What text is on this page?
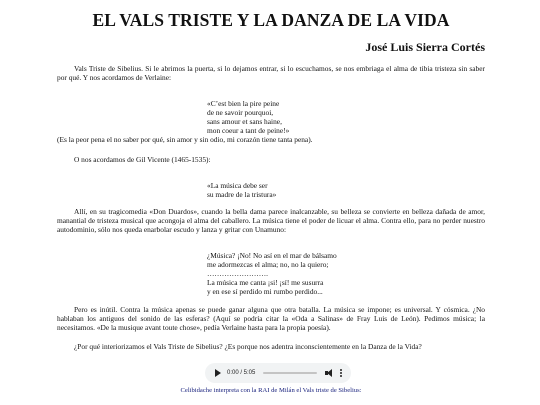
EL VALS TRISTE Y LA DANZA DE LA VIDA
José Luis Sierra Cortés
Vals Triste de Sibelius. Si le abrimos la puerta, si lo dejamos entrar, si lo escuchamos, se nos embriaga el alma de tibia tristeza sin saber por qué. Y nos acordamos de Verlaine:
«C’est bien la pire peine
de ne savoir pourquoi,
sans amour et sans haine,
mon coeur a tant de peine!»
(Es la peor pena el no saber por qué, sin amor y sin odio, mi corazón tiene tanta pena).
O nos acordamos de Gil Vicente (1465-1535):
«La música debe ser
su madre de la tristura»
Allí, en su tragicomedia «Don Duardos», cuando la bella dama parece inalcanzable, su belleza se convierte en belleza dañada de amor, manantial de tristeza musical que acongoja el alma del caballero. La música tiene el poder de licuar el alma. Contra ello, para no perder nuestro autodominio, sólo nos queda enarbolar escudo y lanza y gritar con Unamuno:
¿Música? ¡No! No así en el mar de bálsamo
me adormezcas el alma; no, no la quiero;
…………………….
La música me canta ¡si! ¡sí! me susurra
y en ese sí perdido mi rumbo perdido...
Pero es inútil. Contra la música apenas se puede ganar alguna que otra batalla. La música se impone; es universal. Y cósmica. ¿No hablaban los antiguos del sonido de las esferas? (Aquí se podría citar la «Oda a Salinas» de Fray Luis de León). Pedimos música; la necesitamos. «De la musique avant toute chose», pedía Verlaine hasta para la propia poesía).
¿Por qué interiorizamos el Vals Triste de Sibelius? ¿Es porque nos adentra inconscientemente en la Danza de la Vida?
0:00 / 5:05
Celibidache interpreta con la RAI de Milán el Vals triste de Sibelius:
